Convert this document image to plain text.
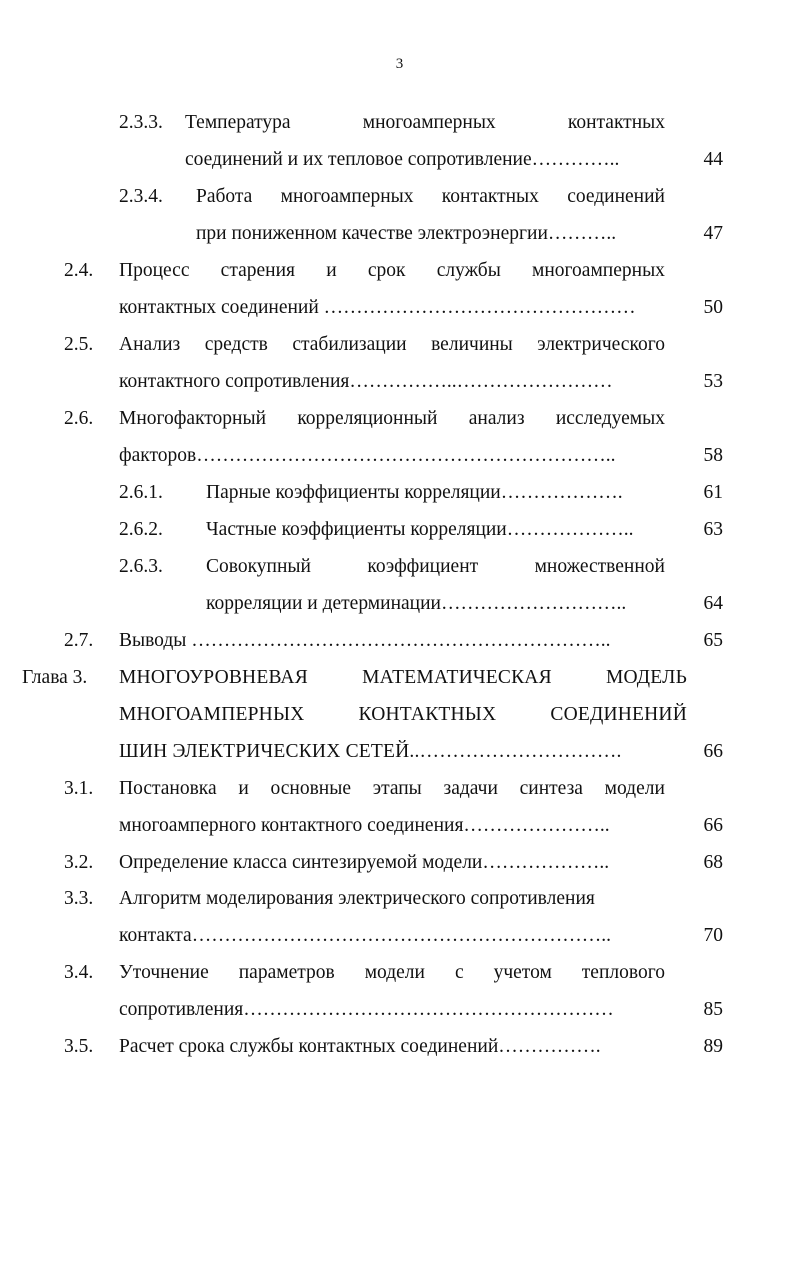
3
2.3.3. Температура	многоамперных	контактных
соединений и их тепловое сопротивление…………..	44
2.3.4. Работа многоамперных контактных соединений
при пониженном качестве электроэнергии………..	47
2.4. Процесс старения и срок службы многоамперных
контактных соединений …………………………………………	50
2.5. Анализ средств стабилизации величины электрического
контактного сопротивления……………..……………………	53
2.6. Многофакторный корреляционный анализ исследуемых
факторов………………………………………………………..	58
2.6.1. Парные коэффициенты корреляции……………….	61
2.6.2. Частные коэффициенты корреляции………………..	63
2.6.3. Совокупный	коэффициент	множественной
корреляции и детерминации………………………..	64
2.7. Выводы ………………………………………………………..	65
Глава 3. МНОГОУРОВНЕВАЯ	МАТЕМАТИЧЕСКАЯ	МОДЕЛЬ
МНОГОАМПЕРНЫХ	КОНТАКТНЫХ	СОЕДИНЕНИЙ
ШИН ЭЛЕКТРИЧЕСКИХ СЕТЕЙ..………………………….	66
3.1. Постановка и основные этапы задачи синтеза модели
многоамперного контактного соединения…………………..	66
3.2. Определение класса синтезируемой модели………………..	68
3.3. Алгоритм моделирования электрического сопротивления
контакта………………………………………………………..	70
3.4. Уточнение параметров модели с учетом теплового
сопротивления…………………………………………………	85
3.5. Расчет срока службы контактных соединений…………….	89
